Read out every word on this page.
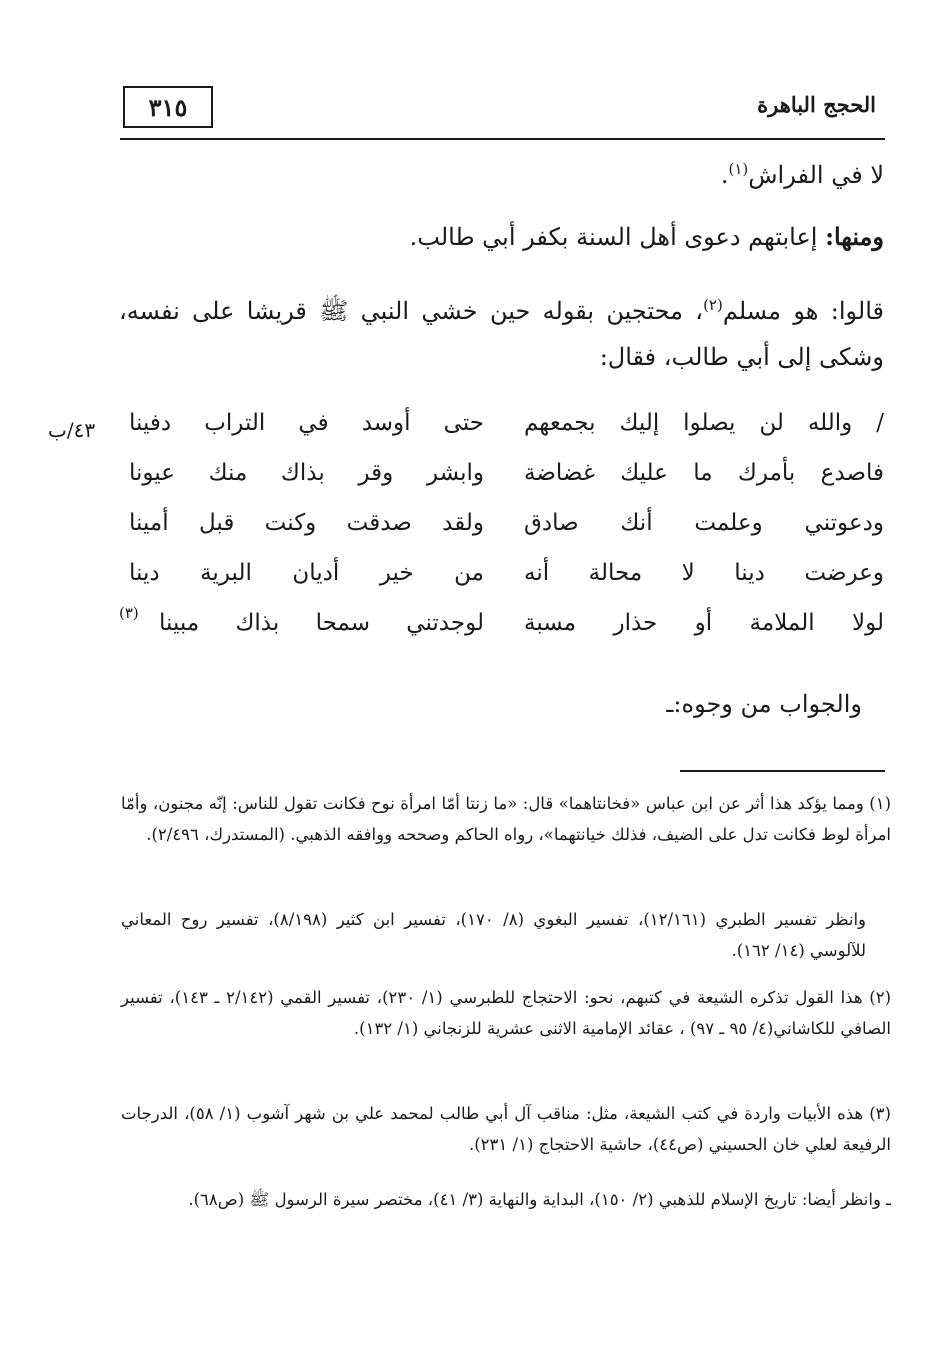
الحجج الباهرة
٣١٥
لا في الفراش$^{(١)}$.
ومنها: إعابتهم دعوى أهل السنة بكفر أبي طالب.
قالوا: هو مسلم$^{(٢)}$، محتجين بقوله حين خشي النبي ﷺ قريشا على نفسه، وشكى إلى أبي طالب، فقال:
٤٣/ب	/ والله لن يصلوا إليك بجمعهم
حتى أوسد في التراب دفينا
فاصدع بأمرك ما عليك غضاضة
وابشر وقر بذاك منك عيونا
ودعوتني وعلمت أنك صادق
ولقد صدقت وكنت قبل أمينا
وعرضت دينا لا محالة أنه
من خير أديان البرية دينا
لولا الملامة أو حذار مسبة
لوجدتني سمحا بذاك مبينا
(٣)
والجواب من وجوه:ـ
(١) ومما يؤكد هذا أثر عن ابن عباس «فخانتاهما» قال: «ما زنتا أمّا امرأة نوح فكانت تقول للناس: إنّه مجنون، وأمّا امرأة لوط فكانت تدل على الضيف، فذلك خيانتهما»، رواه الحاكم وصححه ووافقه الذهبي. (المستدرك، ٢/٤٩٦).
وانظر تفسير الطبري (١٢/١٦١)، تفسير البغوي (٨/ ١٧٠)، تفسير ابن كثير (٨/١٩٨)، تفسير روح المعاني للآلوسي (١٤/ ١٦٢).
(٢) هذا القول تذكره الشيعة في كتبهم، نحو: الاحتجاج للطبرسي (١/ ٢٣٠)، تفسير القمي (٢/١٤٢ ـ ١٤٣)، تفسير الصافي للكاشاني(٤/ ٩٥ ـ ٩٧) ، عقائد الإمامية الاثنى عشرية للزنجاني (١/ ١٣٢).
(٣) هذه الأبيات واردة في كتب الشيعة، مثل: مناقب آل أبي طالب لمحمد علي بن شهر آشوب (١/ ٥٨)، الدرجات الرفيعة لعلي خان الحسيني (ص٤٤)، حاشية الاحتجاج (١/ ٢٣١).
ـ وانظر أيضا: تاريخ الإسلام للذهبي (٢/ ١٥٠)، البداية والنهاية (٣/ ٤١)، مختصر سيرة الرسول ﷺ (ص٦٨).
